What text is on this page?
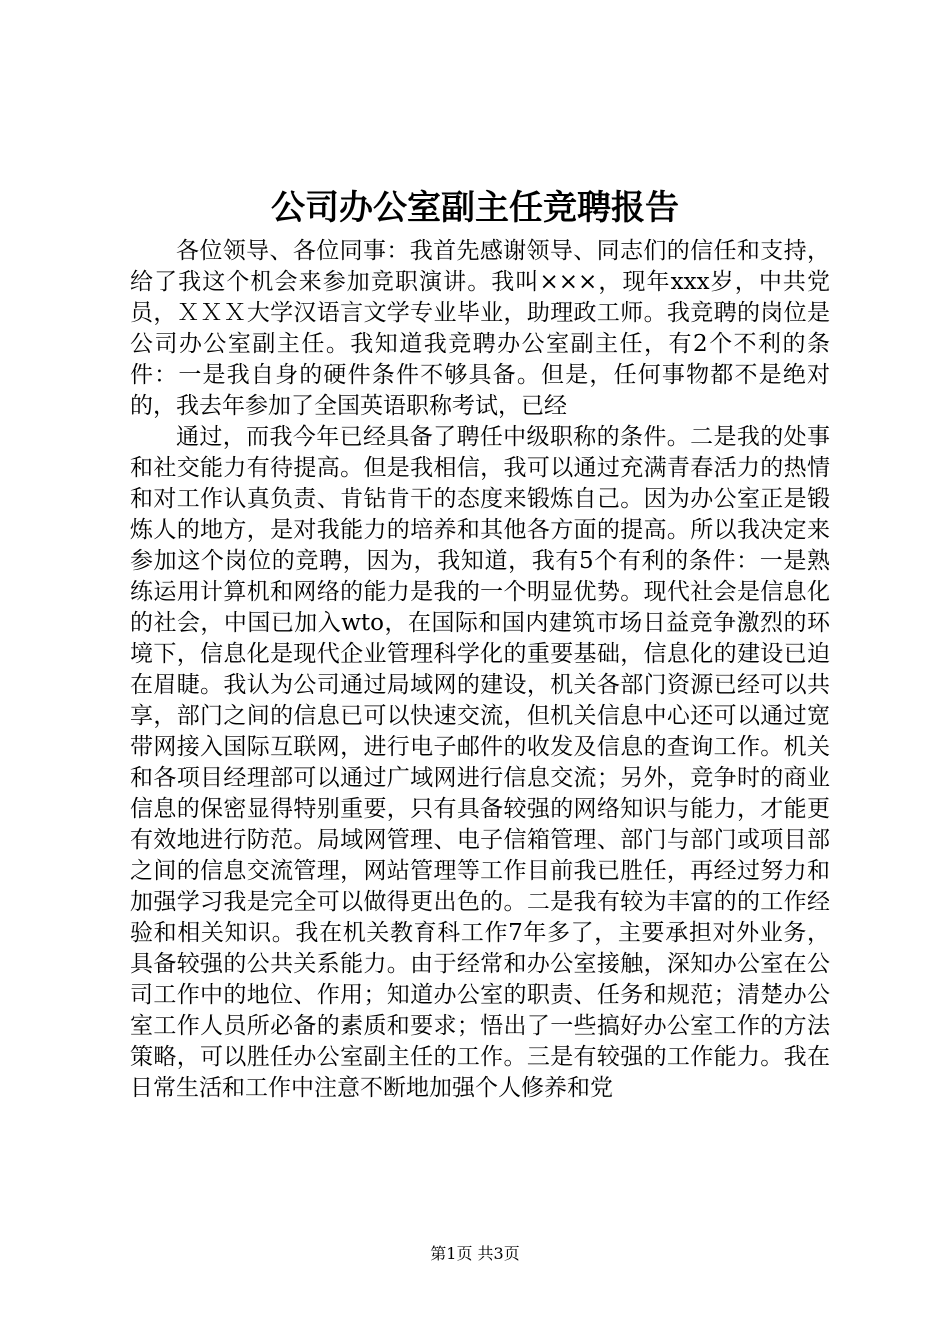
公司办公室副主任竞聘报告

各位领导、各位同事：我首先感谢领导、同志们的信任和支持，给了我这个机会来参加竞职演讲。我叫×××，现年xxx岁，中共党员，ＸＸＸ大学汉语言文学专业毕业，助理政工师。我竞聘的岗位是公司办公室副主任。我知道我竞聘办公室副主任，有2个不利的条件：一是我自身的硬件条件不够具备。但是，任何事物都不是绝对的，我去年参加了全国英语职称考试，已经

通过，而我今年已经具备了聘任中级职称的条件。二是我的处事和社交能力有待提高。但是我相信，我可以通过充满青春活力的热情和对工作认真负责、肯钻肯干的态度来锻炼自己。因为办公室正是锻炼人的地方，是对我能力的培养和其他各方面的提高。所以我决定来参加这个岗位的竞聘，因为，我知道，我有5个有利的条件：一是熟练运用计算机和网络的能力是我的一个明显优势。现代社会是信息化的社会，中国已加入wto，在国际和国内建筑市场日益竞争激烈的环境下，信息化是现代企业管理科学化的重要基础，信息化的建设已迫在眉睫。我认为公司通过局域网的建设，机关各部门资源已经可以共享，部门之间的信息已可以快速交流，但机关信息中心还可以通过宽带网接入国际互联网，进行电子邮件的收发及信息的查询工作。机关和各项目经理部可以通过广域网进行信息交流；另外，竞争时的商业信息的保密显得特别重要，只有具备较强的网络知识与能力，才能更有效地进行防范。局域网管理、电子信箱管理、部门与部门或项目部之间的信息交流管理，网站管理等工作目前我已胜任，再经过努力和加强学习我是完全可以做得更出色的。二是我有较为丰富的的工作经验和相关知识。我在机关教育科工作7年多了，主要承担对外业务，具备较强的公共关系能力。由于经常和办公室接触，深知办公室在公司工作中的地位、作用；知道办公室的职责、任务和规范；清楚办公室工作人员所必备的素质和要求；悟出了一些搞好办公室工作的方法策略，可以胜任办公室副主任的工作。三是有较强的工作能力。我在日常生活和工作中注意不断地加强个人修养和党

第1页 共3页
